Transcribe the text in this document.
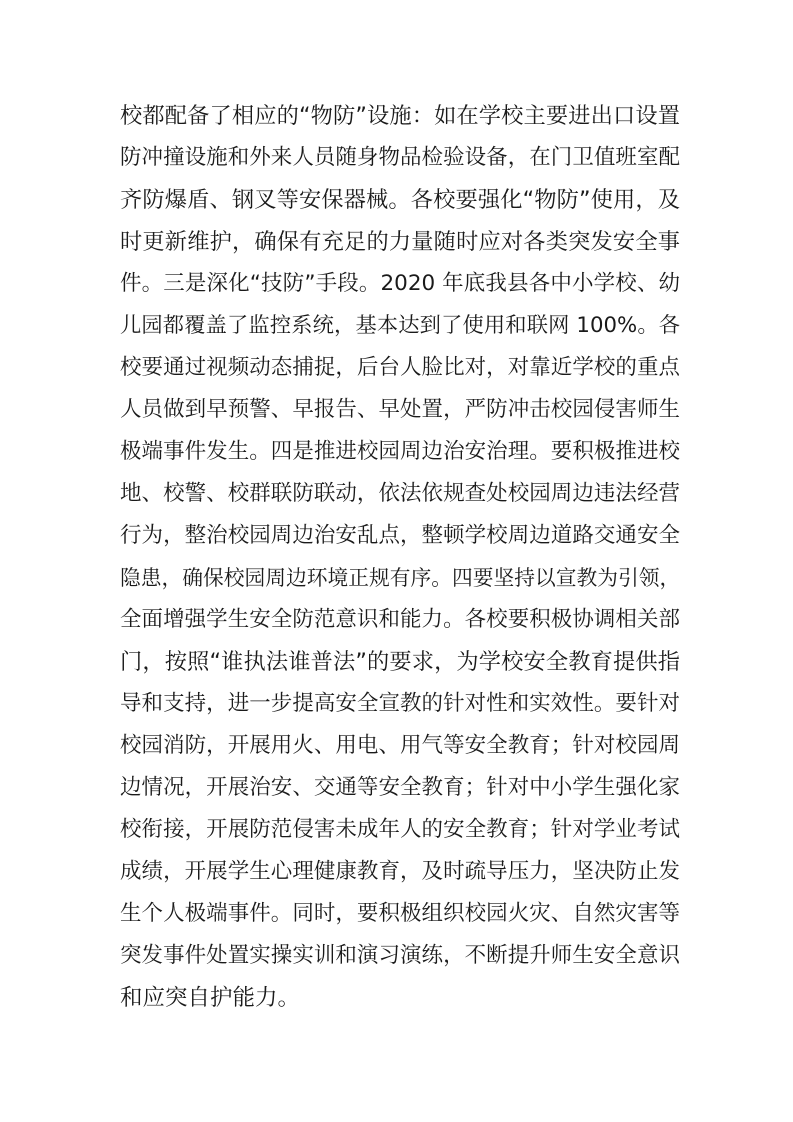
校都配备了相应的“物防”设施：如在学校主要进出口设置
防冲撞设施和外来人员随身物品检验设备，在门卫值班室配
齐防爆盾、钢叉等安保器械。各校要强化“物防”使用，及
时更新维护，确保有充足的力量随时应对各类突发安全事
件。三是深化“技防”手段。2020 年底我县各中小学校、幼
儿园都覆盖了监控系统，基本达到了使用和联网 100%。各
校要通过视频动态捕捉，后台人脸比对，对靠近学校的重点
人员做到早预警、早报告、早处置，严防冲击校园侵害师生
极端事件发生。四是推进校园周边治安治理。要积极推进校
地、校警、校群联防联动，依法依规查处校园周边违法经营
行为，整治校园周边治安乱点，整顿学校周边道路交通安全
隐患，确保校园周边环境正规有序。四要坚持以宣教为引领，
全面增强学生安全防范意识和能力。各校要积极协调相关部
门，按照“谁执法谁普法”的要求，为学校安全教育提供指
导和支持，进一步提高安全宣教的针对性和实效性。要针对
校园消防，开展用火、用电、用气等安全教育；针对校园周
边情况，开展治安、交通等安全教育；针对中小学生强化家
校衔接，开展防范侵害未成年人的安全教育；针对学业考试
成绩，开展学生心理健康教育，及时疏导压力，坚决防止发
生个人极端事件。同时，要积极组织校园火灾、自然灾害等
突发事件处置实操实训和演习演练，不断提升师生安全意识
和应突自护能力。
